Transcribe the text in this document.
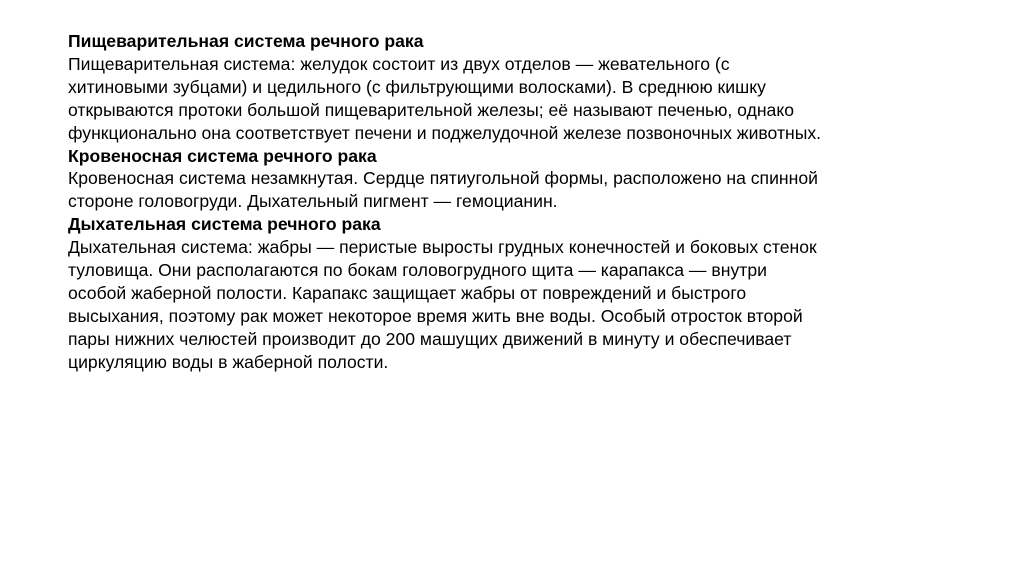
Пищеварительная система речного рака
Пищеварительная система: желудок состоит из двух отделов — жевательного (с
хитиновыми зубцами) и цедильного (с фильтрующими волосками). В среднюю кишку
открываются протоки большой пищеварительной железы; её называют печенью, однако
функционально она соответствует печени и поджелудочной железе позвоночных животных.
Кровеносная система речного рака
Кровеносная система незамкнутая. Сердце пятиугольной формы, расположено на спинной
стороне головогруди. Дыхательный пигмент — гемоцианин.
Дыхательная система речного рака
Дыхательная система: жабры — перистые выросты грудных конечностей и боковых стенок
туловища. Они располагаются по бокам головогрудного щита — карапакса — внутри
особой жаберной полости. Карапакс защищает жабры от повреждений и быстрого
высыхания, поэтому рак может некоторое время жить вне воды. Особый отросток второй
пары нижних челюстей производит до 200 машущих движений в минуту и обеспечивает
циркуляцию воды в жаберной полости.
